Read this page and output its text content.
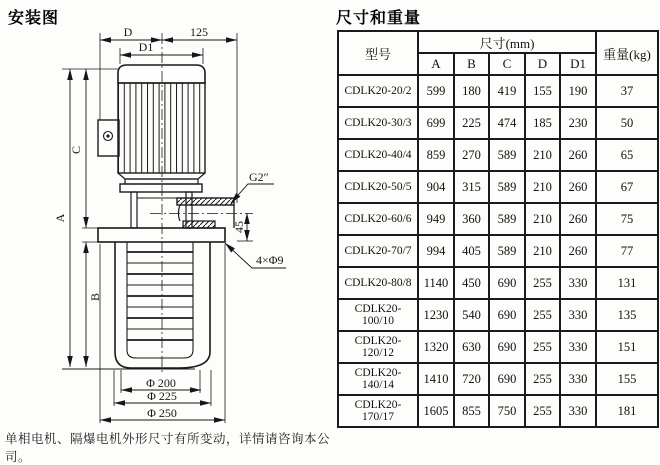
安装图	尺寸和重量
D	125
D1
A
C
B
45
G2″
4×Φ9
Φ 200
Φ 225
Φ 250
型号	尺寸(mm)					重量(kg)
	A	B	C	D	D1	
CDLK20-20/2	599	180	419	155	190	37
CDLK20-30/3	699	225	474	185	230	50
CDLK20-40/4	859	270	589	210	260	65
CDLK20-50/5	904	315	589	210	260	67
CDLK20-60/6	949	360	589	210	260	75
CDLK20-70/7	994	405	589	210	260	77
CDLK20-80/8	1140	450	690	255	330	131
CDLK20-100/10	1230	540	690	255	330	135
CDLK20-120/12	1320	630	690	255	330	151
CDLK20-140/14	1410	720	690	255	330	155
CDLK20-170/17	1605	855	750	255	330	181
单相电机、隔爆电机外形尺寸有所变动，详情请咨询本公司。
